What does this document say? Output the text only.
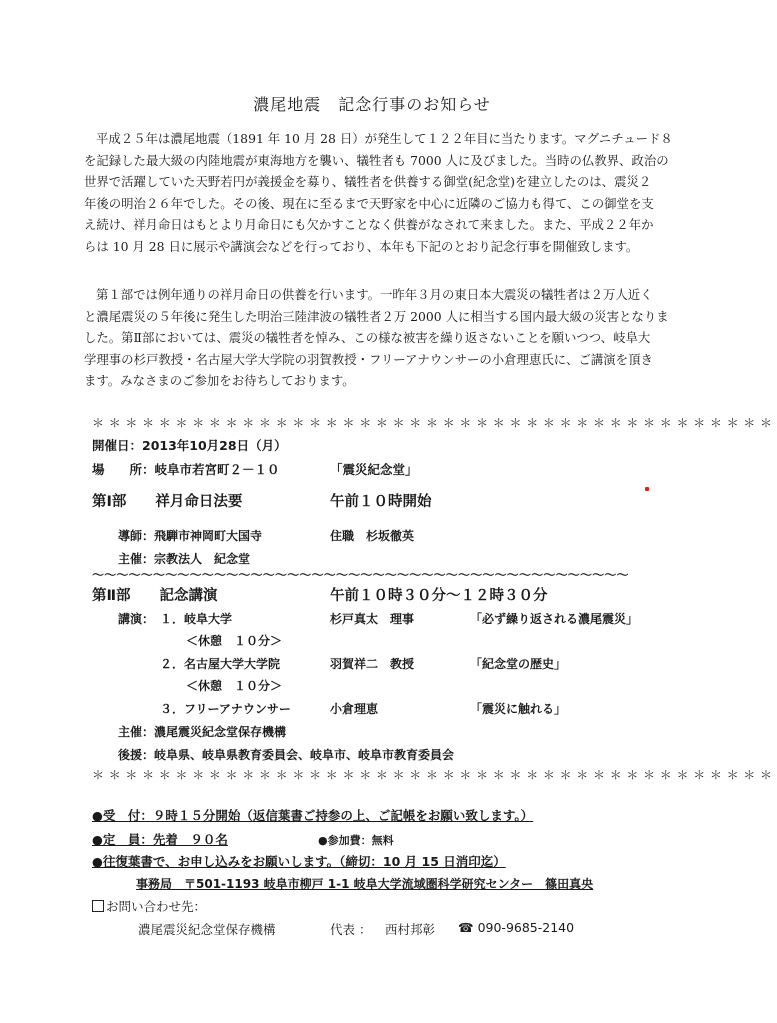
濃尾地震　記念行事のお知らせ
平成２５年は濃尾地震（1891 年 10 月 28 日）が発生して１２２年目に当たります。マグニチュード８
を記録した最大級の内陸地震が東海地方を襲い、犠牲者も 7000 人に及びました。当時の仏教界、政治の
世界で活躍していた天野若円が義援金を募り、犠牲者を供養する御堂(紀念堂)を建立したのは、震災２
年後の明治２６年でした。その後、現在に至るまで天野家を中心に近隣のご協力も得て、この御堂を支
え続け、祥月命日はもとより月命日にも欠かすことなく供養がなされて来ました。また、平成２２年か
らは 10 月 28 日に展示や講演会などを行っており、本年も下記のとおり記念行事を開催致します。
第１部では例年通りの祥月命日の供養を行います。一昨年３月の東日本大震災の犠牲者は２万人近く
と濃尾震災の５年後に発生した明治三陸津波の犠牲者２万 2000 人に相当する国内最大級の災害となりま
した。第Ⅱ部においては、震災の犠牲者を悼み、この様な被害を繰り返さないことを願いつつ、岐阜大
学理事の杉戸教授・名古屋大学大学院の羽賀教授・フリーアナウンサーの小倉理恵氏に、ご講演を頂き
ます。みなさまのご参加をお待ちしております。
＊＊＊＊＊＊＊＊＊＊＊＊＊＊＊＊＊＊＊＊＊＊＊＊＊＊＊＊＊＊＊＊＊＊＊＊＊＊＊＊＊
開催日：2013年10月28日（月）
場　　所：岐阜市若宮町２－１０	「震災紀念堂」
第Ⅰ部　　祥月命日法要	午前１０時開始
導師：飛騨市神岡町大国寺	住職　杉坂徹英
主催：宗教法人　紀念堂
～～～～～～～～～～～～～～～～～～～～～～～～～～～～～～～～～～～～～～～～～～～～
第Ⅱ部　　記念講演	午前１０時３０分～１２時３０分
講演： １．岐阜大学	杉戸真太　理事	「必ず繰り返される濃尾震災」
＜休憩　１０分＞
２．名古屋大学大学院	羽賀祥二　教授	「紀念堂の歴史」
＜休憩　１０分＞
３．フリーアナウンサー	小倉理恵	「震災に触れる」
主催：濃尾震災紀念堂保存機構
後援：岐阜県、岐阜県教育委員会、岐阜市、岐阜市教育委員会
＊＊＊＊＊＊＊＊＊＊＊＊＊＊＊＊＊＊＊＊＊＊＊＊＊＊＊＊＊＊＊＊＊＊＊＊＊＊＊＊＊
●受　付：９時１５分開始（返信葉書ご持参の上、ご記帳をお願い致します。）
●定　員：先着　９０名	●参加費：無料
●往復葉書で、お申し込みをお願いします。（締切：10 月 15 日消印迄）
事務局　〒501-1193 岐阜市柳戸 1-1 岐阜大学流域圏科学研究センター　篠田真央
お問い合わせ先：
濃尾震災紀念堂保存機構	代表 ： 西村邦彰 ☎ 090-9685-2140
